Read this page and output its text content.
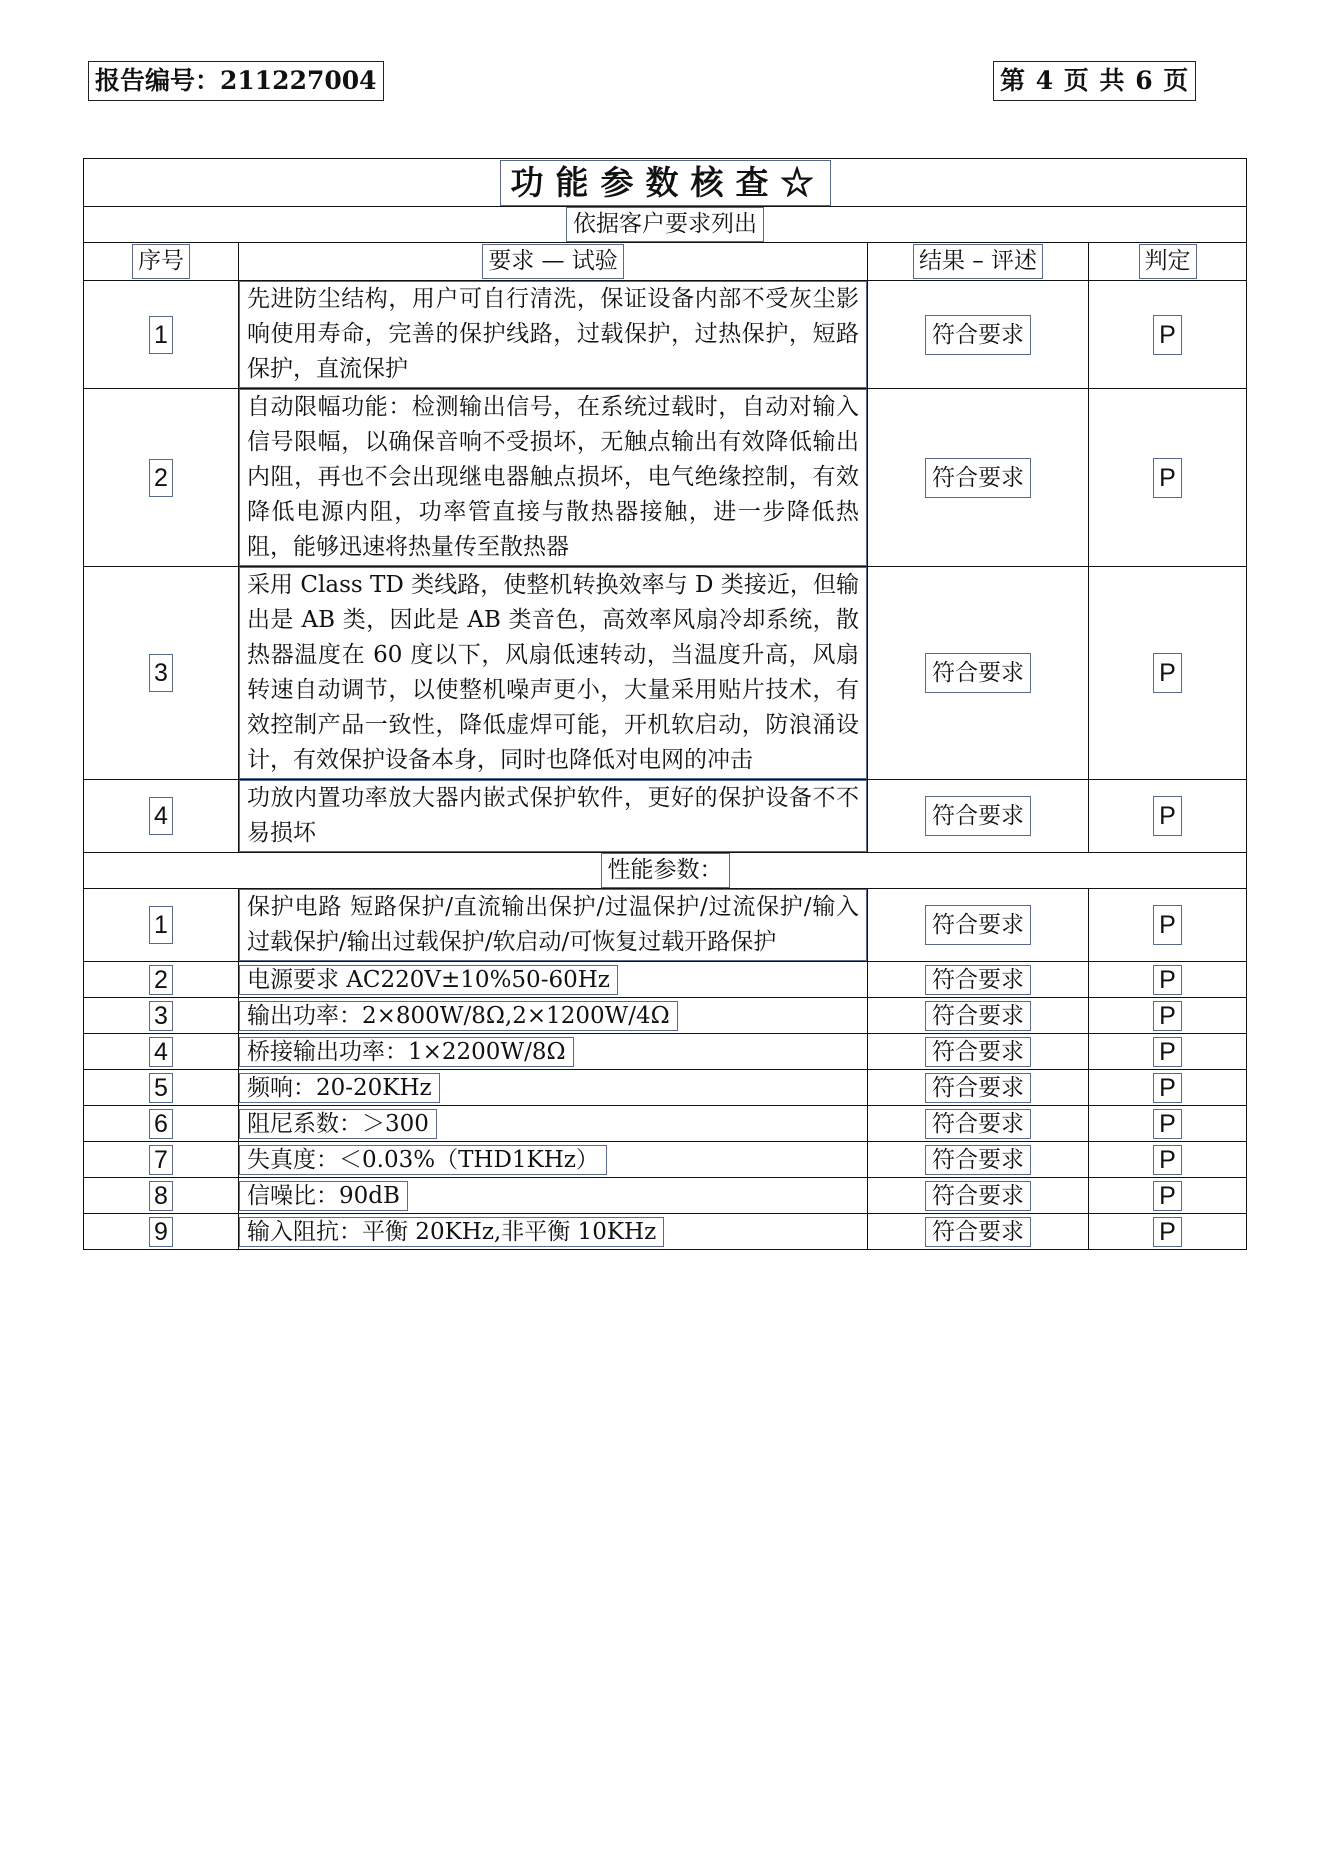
报告编号：211227004	第 4 页 共 6 页
功能参数核查☆			
依据客户要求列出			
序号	要求 — 试验	结果 – 评述	判定
1	先进防尘结构，用户可自行清洗，保证设备内部不受灰尘影响使用寿命，完善的保护线路，过载保护，过热保护，短路保护，直流保护	符合要求	P
2	自动限幅功能：检测输出信号，在系统过载时，自动对输入信号限幅，以确保音响不受损坏，无触点输出有效降低输出内阻，再也不会出现继电器触点损坏，电气绝缘控制，有效降低电源内阻，功率管直接与散热器接触，进一步降低热阻，能够迅速将热量传至散热器	符合要求	P
3	采用 Class TD 类线路，使整机转换效率与 D 类接近，但输出是 AB 类，因此是 AB 类音色，高效率风扇冷却系统，散热器温度在 60 度以下，风扇低速转动，当温度升高，风扇转速自动调节，以使整机噪声更小，大量采用贴片技术，有效控制产品一致性，降低虚焊可能，开机软启动，防浪涌设计，有效保护设备本身，同时也降低对电网的冲击	符合要求	P
4	功放内置功率放大器内嵌式保护软件，更好的保护设备不不易损坏	符合要求	P
性能参数：			
1	保护电路 短路保护/直流输出保护/过温保护/过流保护/输入过载保护/输出过载保护/软启动/可恢复过载开路保护	符合要求	P
2	电源要求 AC220V±10%50-60Hz	符合要求	P
3	输出功率：2×800W/8Ω,2×1200W/4Ω	符合要求	P
4	桥接输出功率：1×2200W/8Ω	符合要求	P
5	频响：20-20KHz	符合要求	P
6	阻尼系数：＞300	符合要求	P
7	失真度：＜0.03%（THD1KHz）	符合要求	P
8	信噪比：90dB	符合要求	P
9	输入阻抗：平衡 20KHz,非平衡 10KHz	符合要求	P
